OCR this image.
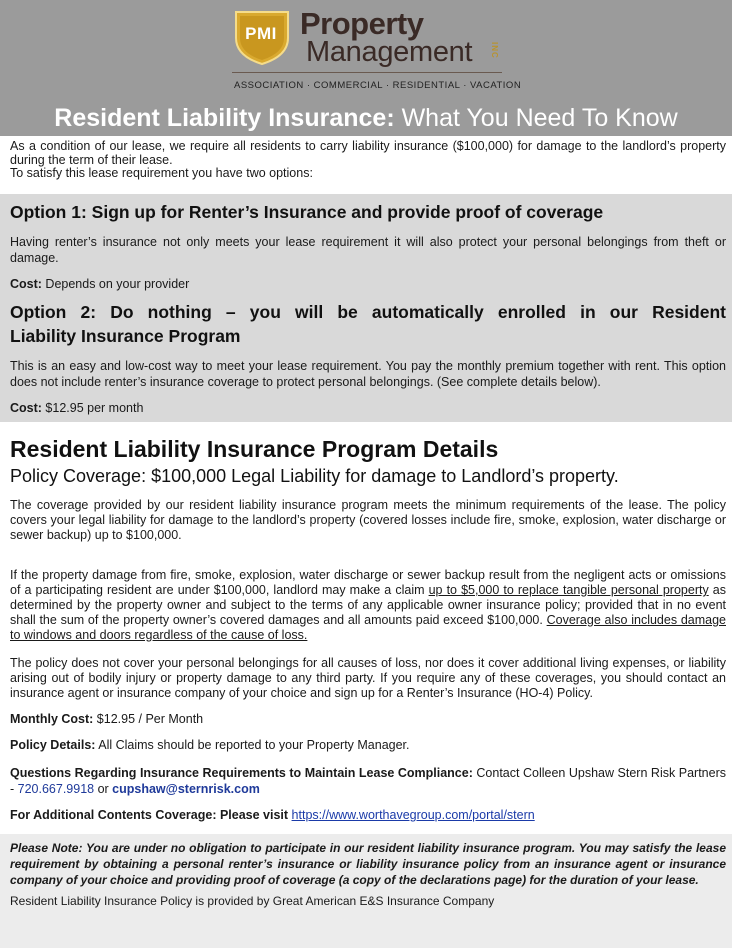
PMI Property
Management INC
ASSOCIATION · COMMERCIAL · RESIDENTIAL · VACATION
Resident Liability Insurance: What You Need To Know

As a condition of our lease, we require all residents to carry liability insurance ($100,000) for damage to the landlord’s property during the term of their lease.

To satisfy this lease requirement you have two options:

Option 1: Sign up for Renter’s Insurance and provide proof of coverage
Having renter’s insurance not only meets your lease requirement it will also protect your personal belongings from theft or damage.
Cost: Depends on your provider
Option 2: Do nothing – you will be automatically enrolled in our Resident
Liability Insurance Program
This is an easy and low-cost way to meet your lease requirement. You pay the monthly premium together with rent. This option does not include renter’s insurance coverage to protect personal belongings. (See complete details below).
Cost: $12.95 per month
Resident Liability Insurance Program Details
Policy Coverage: $100,000 Legal Liability for damage to Landlord’s property.
The coverage provided by our resident liability insurance program meets the minimum requirements of the lease. The policy covers your legal liability for damage to the landlord’s property (covered losses include fire, smoke, explosion, water discharge or sewer backup) up to $100,000.
If the property damage from fire, smoke, explosion, water discharge or sewer backup result from the negligent acts or omissions of a participating resident are under $100,000, landlord may make a claim up to $5,000 to replace tangible personal property as determined by the property owner and subject to the terms of any applicable owner insurance policy; provided that in no event shall the sum of the property owner’s covered damages and all amounts paid exceed $100,000. Coverage also includes damage to windows and doors regardless of the cause of loss.
The policy does not cover your personal belongings for all causes of loss, nor does it cover additional living expenses, or liability arising out of bodily injury or property damage to any third party. If you require any of these coverages, you should contact an insurance agent or insurance company of your choice and sign up for a Renter’s Insurance (HO-4) Policy.
Monthly Cost: $12.95 / Per Month
Policy Details: All Claims should be reported to your Property Manager.
Questions Regarding Insurance Requirements to Maintain Lease Compliance: Contact Colleen Upshaw Stern Risk Partners - 720.667.9918 or cupshaw@sternrisk.com
For Additional Contents Coverage: Please visit https://www.worthavegroup.com/portal/stern
Please Note: You are under no obligation to participate in our resident liability insurance program. You may satisfy the lease requirement by obtaining a personal renter’s insurance or liability insurance policy from an insurance agent or insurance company of your choice and providing proof of coverage (a copy of the declarations page) for the duration of your lease.
Resident Liability Insurance Policy is provided by Great American E&S Insurance Company
